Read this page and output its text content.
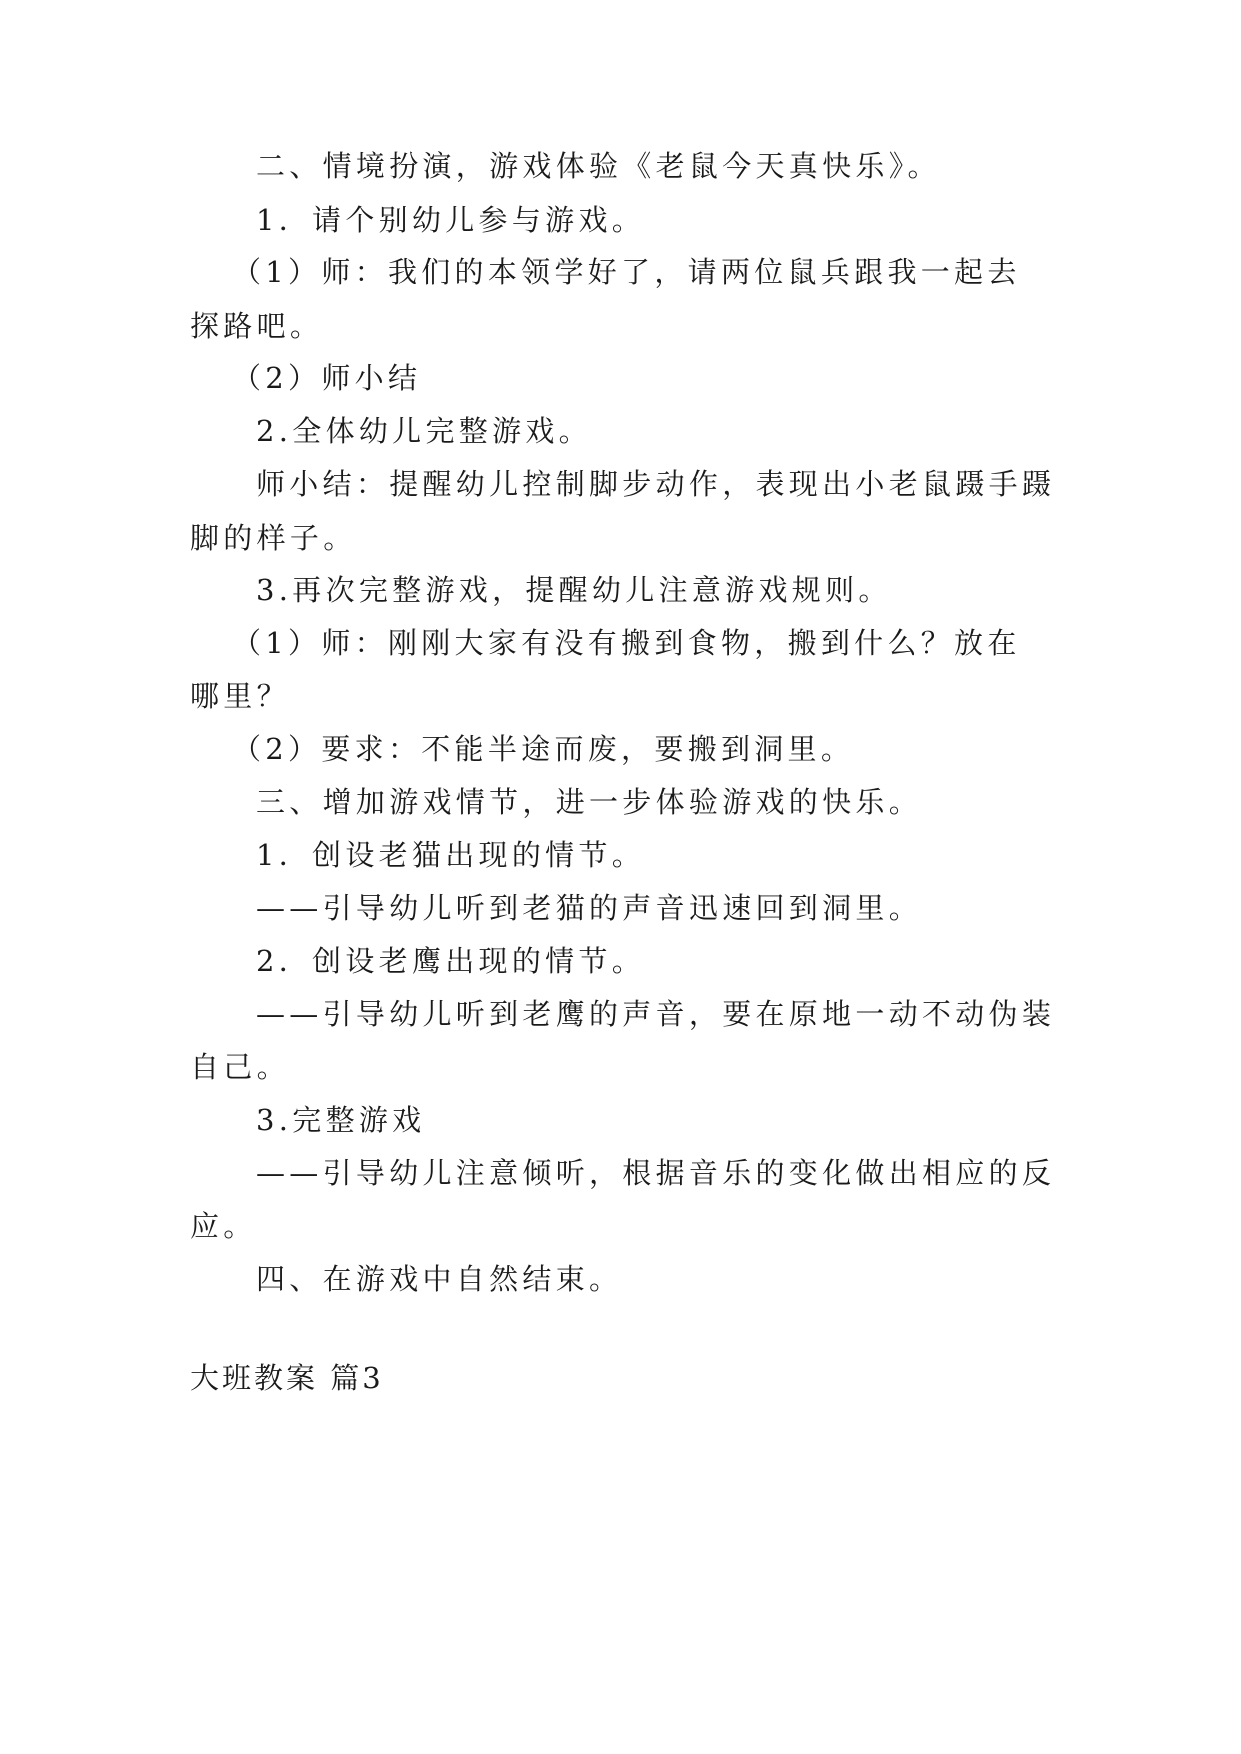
二、情境扮演，游戏体验《老鼠今天真快乐》。
1．请个别幼儿参与游戏。
（1）师：我们的本领学好了，请两位鼠兵跟我一起去
探路吧。
（2）师小结
2.全体幼儿完整游戏。
师小结：提醒幼儿控制脚步动作，表现出小老鼠蹑手蹑
脚的样子。
3.再次完整游戏，提醒幼儿注意游戏规则。
（1）师：刚刚大家有没有搬到食物，搬到什么？放在
哪里？
（2）要求：不能半途而废，要搬到洞里。
三、增加游戏情节，进一步体验游戏的快乐。
1．创设老猫出现的情节。
——引导幼儿听到老猫的声音迅速回到洞里。
2．创设老鹰出现的情节。
——引导幼儿听到老鹰的声音，要在原地一动不动伪装
自己。
3.完整游戏
——引导幼儿注意倾听，根据音乐的变化做出相应的反
应。
四、在游戏中自然结束。
大班教案 篇3
